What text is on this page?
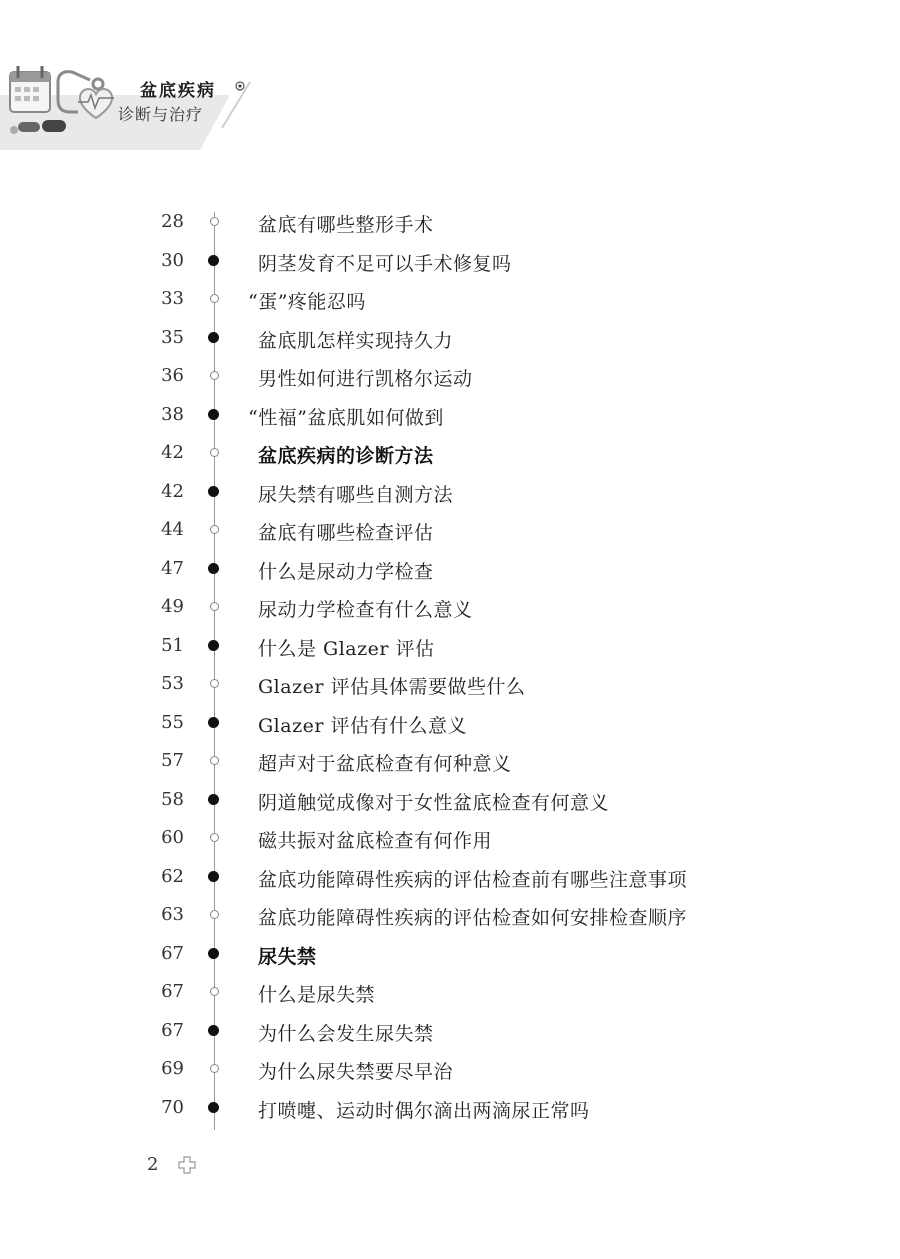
盆底疾病
诊断与治疗
28	盆底有哪些整形手术
30	阴茎发育不足可以手术修复吗
33	“蛋”疼能忍吗
35	盆底肌怎样实现持久力
36	男性如何进行凯格尔运动
38	“性福”盆底肌如何做到
42	盆底疾病的诊断方法
42	尿失禁有哪些自测方法
44	盆底有哪些检查评估
47	什么是尿动力学检查
49	尿动力学检查有什么意义
51	什么是 Glazer 评估
53	Glazer 评估具体需要做些什么
55	Glazer 评估有什么意义
57	超声对于盆底检查有何种意义
58	阴道触觉成像对于女性盆底检查有何意义
60	磁共振对盆底检查有何作用
62	盆底功能障碍性疾病的评估检查前有哪些注意事项
63	盆底功能障碍性疾病的评估检查如何安排检查顺序
67	尿失禁
67	什么是尿失禁
67	为什么会发生尿失禁
69	为什么尿失禁要尽早治
70	打喷嚏、运动时偶尔滴出两滴尿正常吗
2
